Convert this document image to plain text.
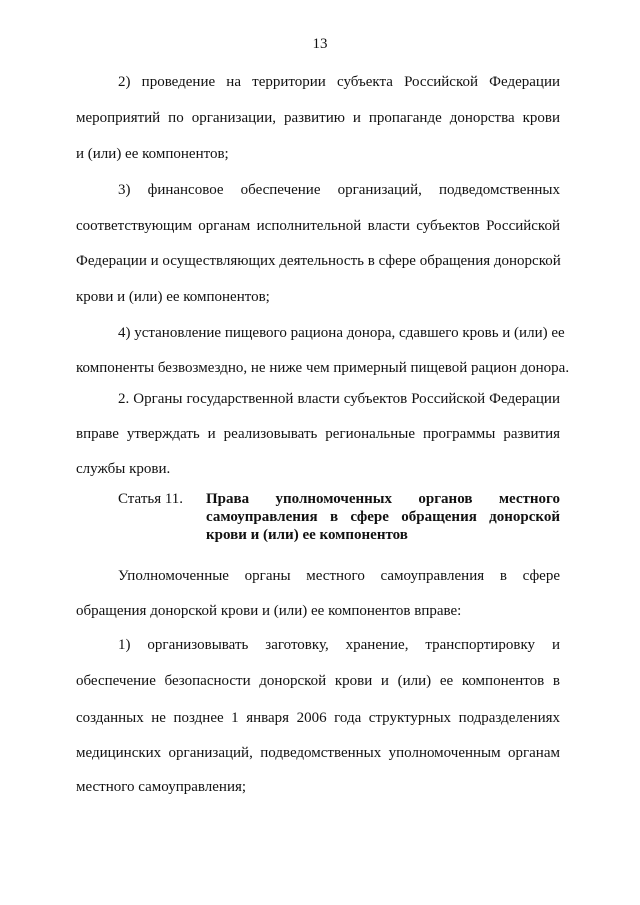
13
2) проведение на территории субъекта Российской Федерации
мероприятий по организации, развитию и пропаганде донорства крови
и (или) ее компонентов;
3) финансовое обеспечение организаций, подведомственных
соответствующим органам исполнительной власти субъектов Российской
Федерации и осуществляющих деятельность в сфере обращения донорской
крови и (или) ее компонентов;
4) установление пищевого рациона донора, сдавшего кровь и (или) ее
компоненты безвозмездно, не ниже чем примерный пищевой рацион донора.
2. Органы государственной власти субъектов Российской Федерации
вправе утверждать и реализовывать региональные программы развития
службы крови.
Статья 11. Права уполномоченных органов местного
самоуправления в сфере обращения донорской
крови и (или) ее компонентов
Уполномоченные органы местного самоуправления в сфере
обращения донорской крови и (или) ее компонентов вправе:
1) организовывать заготовку, хранение, транспортировку и
обеспечение безопасности донорской крови и (или) ее компонентов в
созданных не позднее 1 января 2006 года структурных подразделениях
медицинских организаций, подведомственных уполномоченным органам
местного самоуправления;
